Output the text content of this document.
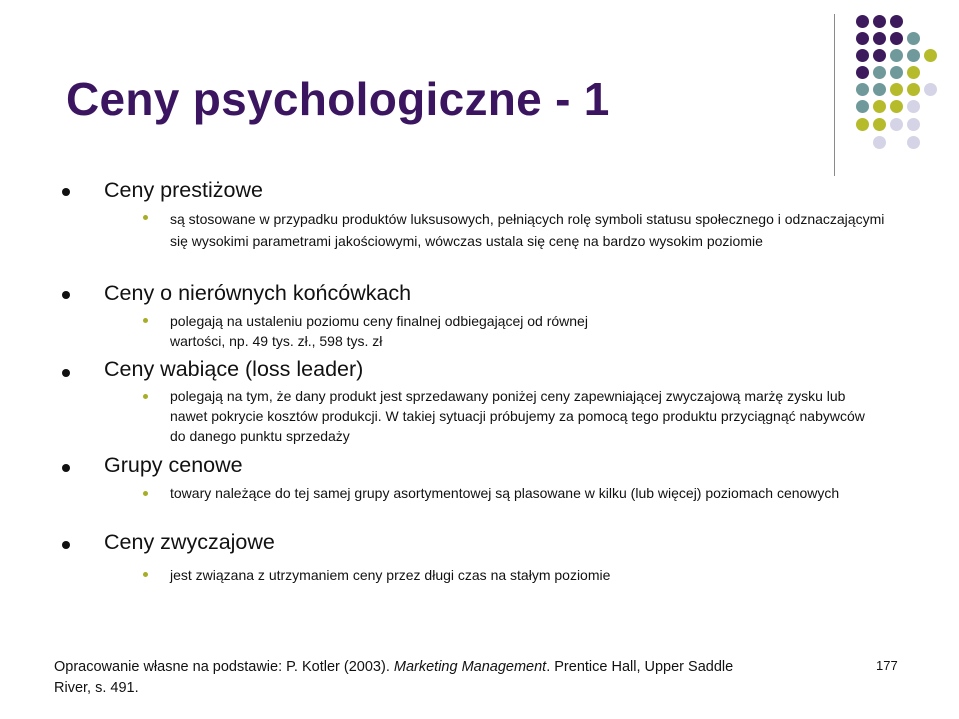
Ceny psychologiczne - 1
Ceny prestiżowe

są stosowane w przypadku produktów luksusowych, pełniących rolę symboli statusu społecznego i odznaczającymi się wysokimi parametrami jakościowymi, wówczas ustala się cenę na bardzo wysokim poziomie

Ceny o nierównych końcówkach

polegają na ustaleniu poziomu ceny finalnej odbiegającej od równej wartości, np. 49 tys. zł., 598 tys. zł

Ceny wabiące (loss leader)

polegają na tym, że dany produkt jest sprzedawany poniżej ceny zapewniającej zwyczajową marżę zysku lub nawet pokrycie kosztów produkcji. W takiej sytuacji próbujemy za pomocą tego produktu przyciągnąć nabywców do danego punktu sprzedaży

Grupy cenowe

towary należące do tej samej grupy asortymentowej są plasowane w kilku (lub więcej) poziomach cenowych

Ceny zwyczajowe

jest związana z utrzymaniem ceny przez długi czas na stałym poziomie

Opracowanie własne na podstawie: P. Kotler (2003). Marketing Management. Prentice Hall, Upper Saddle River, s. 491.

177
